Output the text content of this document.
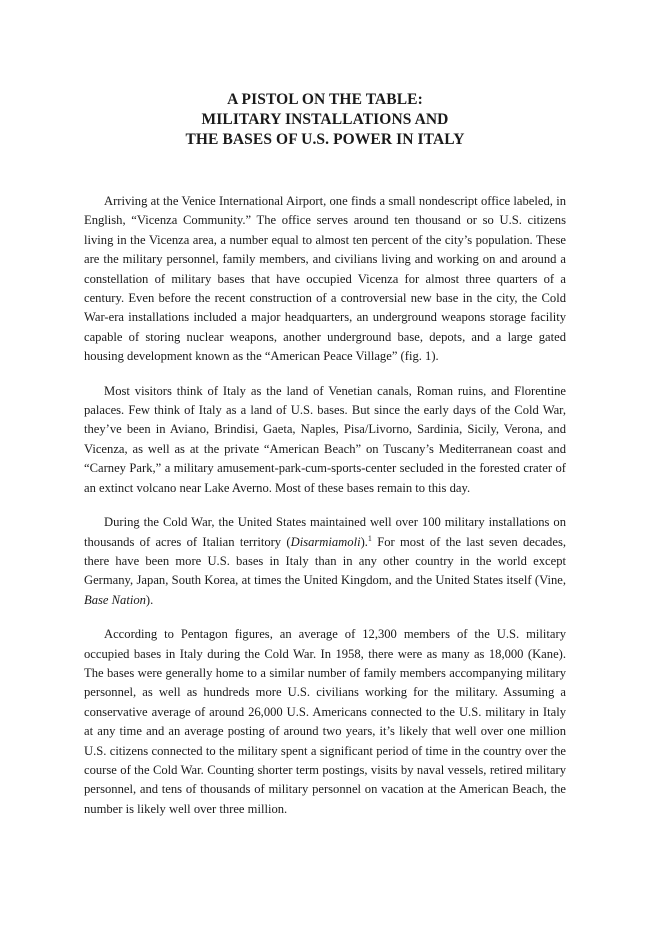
A PISTOL ON THE TABLE:
MILITARY INSTALLATIONS AND
THE BASES OF U.S. POWER IN ITALY

Arriving at the Venice International Airport, one finds a small nondescript office labeled, in English, “Vicenza Community.” The office serves around ten thousand or so U.S. citizens living in the Vicenza area, a number equal to almost ten percent of the city’s population. These are the military personnel, family members, and civilians living and working on and around a constellation of military bases that have occupied Vicenza for almost three quarters of a century. Even before the recent construction of a controversial new base in the city, the Cold War-era installations included a major headquarters, an underground weapons storage facility capable of storing nuclear weapons, another underground base, depots, and a large gated housing development known as the “American Peace Village” (fig. 1).

Most visitors think of Italy as the land of Venetian canals, Roman ruins, and Florentine palaces. Few think of Italy as a land of U.S. bases. But since the early days of the Cold War, they’ve been in Aviano, Brindisi, Gaeta, Naples, Pisa/Livorno, Sardinia, Sicily, Verona, and Vicenza, as well as at the private “American Beach” on Tuscany’s Mediterranean coast and “Carney Park,” a military amusement-park-cum-sports-center secluded in the forested crater of an extinct volcano near Lake Averno. Most of these bases remain to this day.

During the Cold War, the United States maintained well over 100 military installations on thousands of acres of Italian territory (Disarmiamoli).$^1$ For most of the last seven decades, there have been more U.S. bases in Italy than in any other country in the world except Germany, Japan, South Korea, at times the United Kingdom, and the United States itself (Vine, Base Nation).

According to Pentagon figures, an average of 12,300 members of the U.S. military occupied bases in Italy during the Cold War. In 1958, there were as many as 18,000 (Kane). The bases were generally home to a similar number of family members accompanying military personnel, as well as hundreds more U.S. civilians working for the military. Assuming a conservative average of around 26,000 U.S. Americans connected to the U.S. military in Italy at any time and an average posting of around two years, it’s likely that well over one million U.S. citizens connected to the military spent a significant period of time in the country over the course of the Cold War. Counting shorter term postings, visits by naval vessels, retired military personnel, and tens of thousands of military personnel on vacation at the American Beach, the number is likely well over three million.
